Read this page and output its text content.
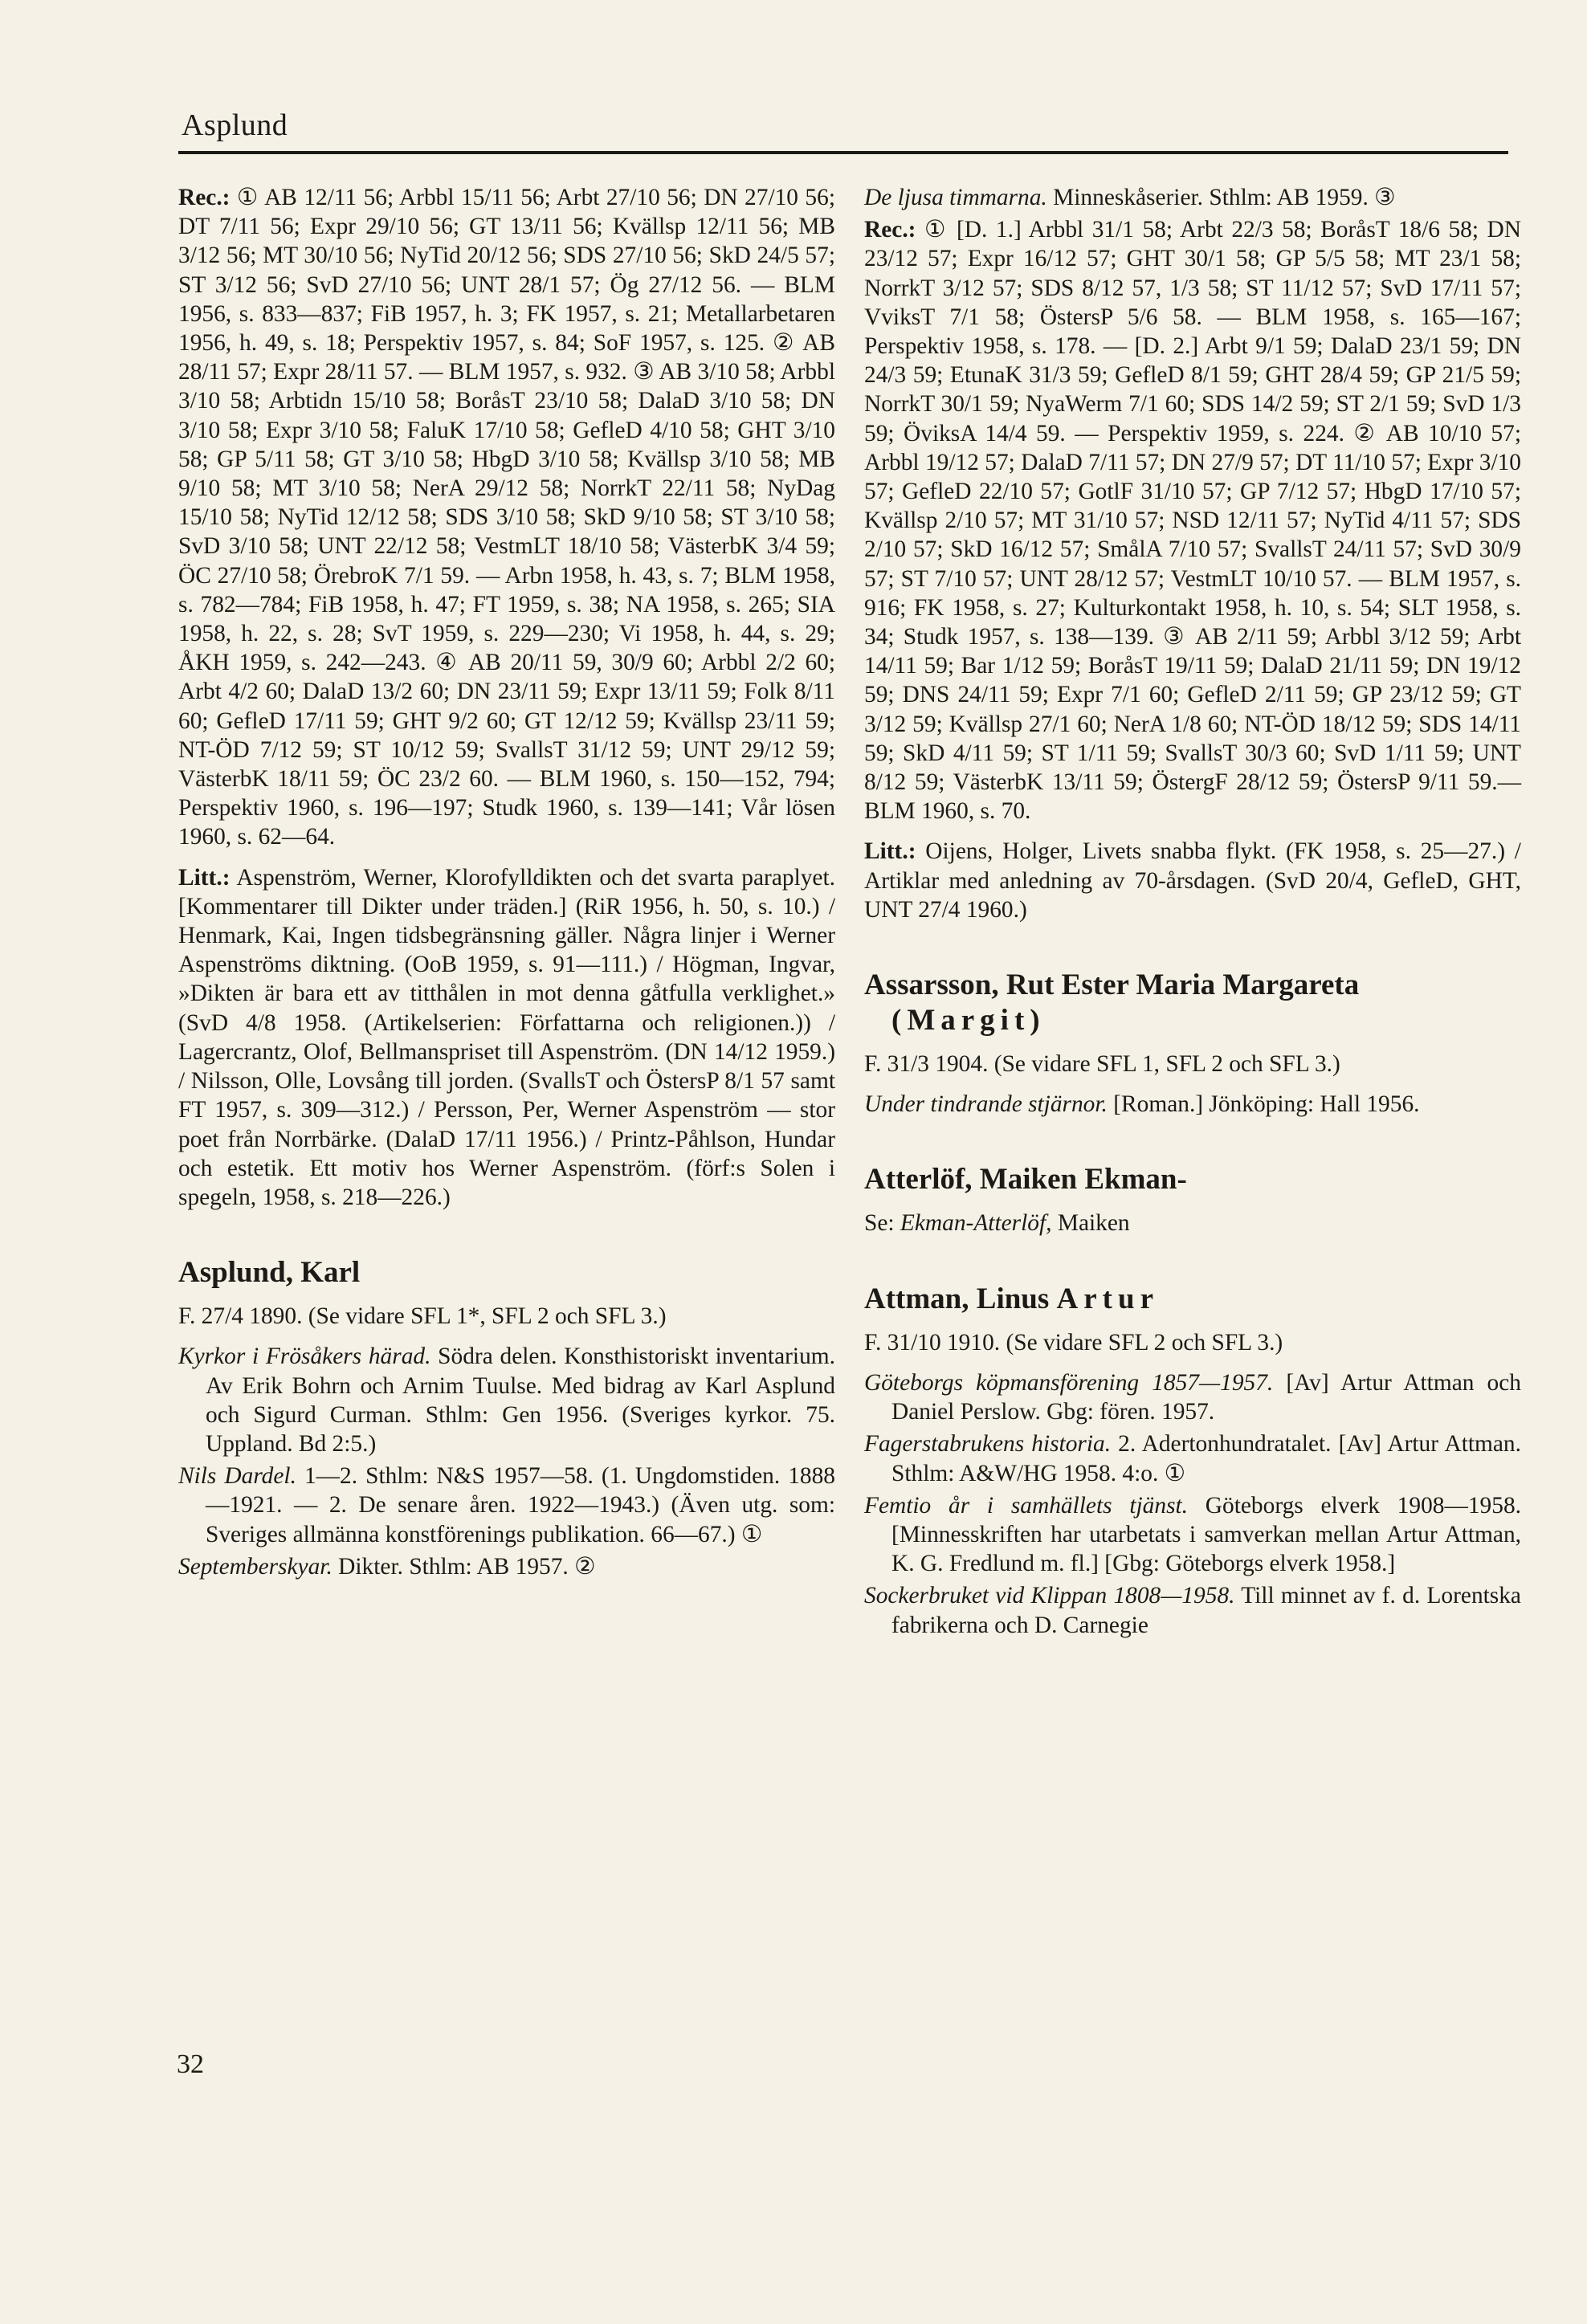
Asplund

Rec.: ① AB 12/11 56; Arbbl 15/11 56; Arbt 27/10 56; DN 27/10 56; DT 7/11 56; Expr 29/10 56; GT 13/11 56; Kvällsp 12/11 56; MB 3/12 56; MT 30/10 56; NyTid 20/12 56; SDS 27/10 56; SkD 24/5 57; ST 3/12 56; SvD 27/10 56; UNT 28/1 57; Ög 27/12 56. — BLM 1956, s. 833—837; FiB 1957, h. 3; FK 1957, s. 21; Metallarbetaren 1956, h. 49, s. 18; Perspektiv 1957, s. 84; SoF 1957, s. 125. ② AB 28/11 57; Expr 28/11 57. — BLM 1957, s. 932. ③ AB 3/10 58; Arbbl 3/10 58; Arbtidn 15/10 58; BoråsT 23/10 58; DalaD 3/10 58; DN 3/10 58; Expr 3/10 58; FaluK 17/10 58; GefleD 4/10 58; GHT 3/10 58; GP 5/11 58; GT 3/10 58; HbgD 3/10 58; Kvällsp 3/10 58; MB 9/10 58; MT 3/10 58; NerA 29/12 58; NorrkT 22/11 58; NyDag 15/10 58; NyTid 12/12 58; SDS 3/10 58; SkD 9/10 58; ST 3/10 58; SvD 3/10 58; UNT 22/12 58; VestmLT 18/10 58; VästerbK 3/4 59; ÖC 27/10 58; ÖrebroK 7/1 59. — Arbn 1958, h. 43, s. 7; BLM 1958, s. 782—784; FiB 1958, h. 47; FT 1959, s. 38; NA 1958, s. 265; SIA 1958, h. 22, s. 28; SvT 1959, s. 229—230; Vi 1958, h. 44, s. 29; ÅKH 1959, s. 242—243. ④ AB 20/11 59, 30/9 60; Arbbl 2/2 60; Arbt 4/2 60; DalaD 13/2 60; DN 23/11 59; Expr 13/11 59; Folk 8/11 60; GefleD 17/11 59; GHT 9/2 60; GT 12/12 59; Kvällsp 23/11 59; NT-ÖD 7/12 59; ST 10/12 59; SvallsT 31/12 59; UNT 29/12 59; VästerbK 18/11 59; ÖC 23/2 60. — BLM 1960, s. 150—152, 794; Perspektiv 1960, s. 196—197; Studk 1960, s. 139—141; Vår lösen 1960, s. 62—64.

Litt.: Aspenström, Werner, Klorofylldikten och det svarta paraplyet. [Kommentarer till Dikter under träden.] (RiR 1956, h. 50, s. 10.) / Henmark, Kai, Ingen tidsbegränsning gäller. Några linjer i Werner Aspenströms diktning. (OoB 1959, s. 91—111.) / Högman, Ingvar, »Dikten är bara ett av titthålen in mot denna gåtfulla verklighet.» (SvD 4/8 1958. (Artikelserien: Författarna och religionen.)) / Lagercrantz, Olof, Bellmanspriset till Aspenström. (DN 14/12 1959.) / Nilsson, Olle, Lovsång till jorden. (SvallsT och ÖstersP 8/1 57 samt FT 1957, s. 309—312.) / Persson, Per, Werner Aspenström — stor poet från Norrbärke. (DalaD 17/11 1956.) / Printz-Påhlson, Hundar och estetik. Ett motiv hos Werner Aspenström. (förf:s Solen i spegeln, 1958, s. 218—226.)

Asplund, Karl

F. 27/4 1890. (Se vidare SFL 1*, SFL 2 och SFL 3.)

Kyrkor i Frösåkers härad. Södra delen. Konsthistoriskt inventarium. Av Erik Bohrn och Arnim Tuulse. Med bidrag av Karl Asplund och Sigurd Curman. Sthlm: Gen 1956. (Sveriges kyrkor. 75. Uppland. Bd 2:5.)

Nils Dardel. 1—2. Sthlm: N&S 1957—58. (1. Ungdomstiden. 1888—1921. — 2. De senare åren. 1922—1943.) (Även utg. som: Sveriges allmänna konstförenings publikation. 66—67.) ①

Septemberskyar. Dikter. Sthlm: AB 1957. ②

De ljusa timmarna. Minneskåserier. Sthlm: AB 1959. ③

Rec.: ① [D. 1.] Arbbl 31/1 58; Arbt 22/3 58; BoråsT 18/6 58; DN 23/12 57; Expr 16/12 57; GHT 30/1 58; GP 5/5 58; MT 23/1 58; NorrkT 3/12 57; SDS 8/12 57, 1/3 58; ST 11/12 57; SvD 17/11 57; VviksT 7/1 58; ÖstersP 5/6 58. — BLM 1958, s. 165—167; Perspektiv 1958, s. 178. — [D. 2.] Arbt 9/1 59; DalaD 23/1 59; DN 24/3 59; EtunaK 31/3 59; GefleD 8/1 59; GHT 28/4 59; GP 21/5 59; NorrkT 30/1 59; NyaWerm 7/1 60; SDS 14/2 59; ST 2/1 59; SvD 1/3 59; ÖviksA 14/4 59. — Perspektiv 1959, s. 224. ② AB 10/10 57; Arbbl 19/12 57; DalaD 7/11 57; DN 27/9 57; DT 11/10 57; Expr 3/10 57; GefleD 22/10 57; GotlF 31/10 57; GP 7/12 57; HbgD 17/10 57; Kvällsp 2/10 57; MT 31/10 57; NSD 12/11 57; NyTid 4/11 57; SDS 2/10 57; SkD 16/12 57; SmålA 7/10 57; SvallsT 24/11 57; SvD 30/9 57; ST 7/10 57; UNT 28/12 57; VestmLT 10/10 57. — BLM 1957, s. 916; FK 1958, s. 27; Kulturkontakt 1958, h. 10, s. 54; SLT 1958, s. 34; Studk 1957, s. 138—139. ③ AB 2/11 59; Arbbl 3/12 59; Arbt 14/11 59; Bar 1/12 59; BoråsT 19/11 59; DalaD 21/11 59; DN 19/12 59; DNS 24/11 59; Expr 7/1 60; GefleD 2/11 59; GP 23/12 59; GT 3/12 59; Kvällsp 27/1 60; NerA 1/8 60; NT-ÖD 18/12 59; SDS 14/11 59; SkD 4/11 59; ST 1/11 59; SvallsT 30/3 60; SvD 1/11 59; UNT 8/12 59; VästerbK 13/11 59; ÖstergF 28/12 59; ÖstersP 9/11 59.— BLM 1960, s. 70.

Litt.: Oijens, Holger, Livets snabba flykt. (FK 1958, s. 25—27.) / Artiklar med anledning av 70-årsdagen. (SvD 20/4, GefleD, GHT, UNT 27/4 1960.)

Assarsson, Rut Ester Maria Margareta
(Margit)

F. 31/3 1904. (Se vidare SFL 1, SFL 2 och SFL 3.)

Under tindrande stjärnor. [Roman.] Jönköping: Hall 1956.

Atterlöf, Maiken Ekman-

Se: Ekman-Atterlöf, Maiken

Attman, Linus Artur

F. 31/10 1910. (Se vidare SFL 2 och SFL 3.)

Göteborgs köpmansförening 1857—1957. [Av] Artur Attman och Daniel Perslow. Gbg: fören. 1957.

Fagerstabrukens historia. 2. Adertonhundratalet. [Av] Artur Attman. Sthlm: A&W/HG 1958. 4:o. ①

Femtio år i samhällets tjänst. Göteborgs elverk 1908—1958. [Minnesskriften har utarbetats i samverkan mellan Artur Attman, K. G. Fredlund m. fl.] [Gbg: Göteborgs elverk 1958.]

Sockerbruket vid Klippan 1808—1958. Till minnet av f. d. Lorentska fabrikerna och D. Carnegie

32
